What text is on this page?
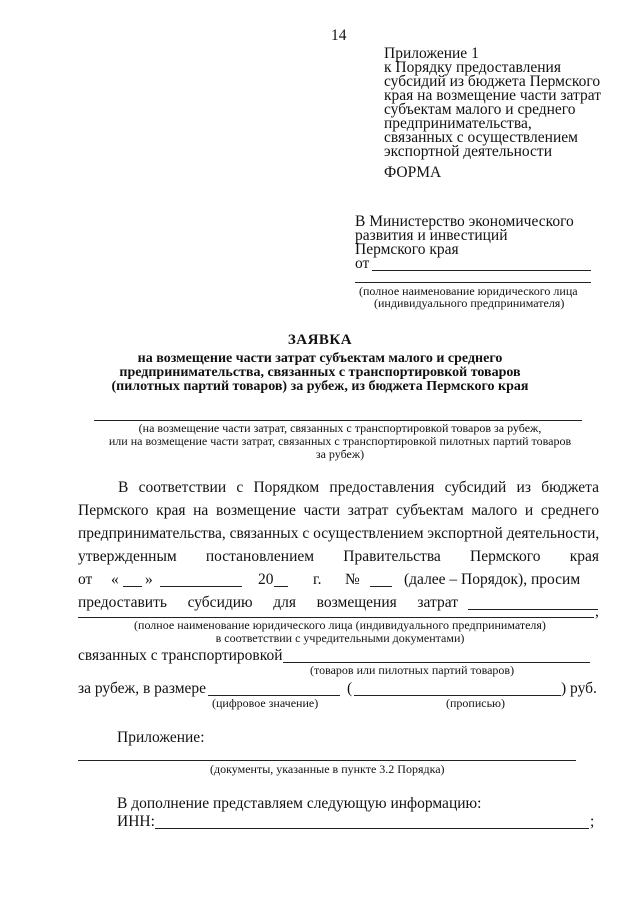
14
Приложение 1
к Порядку предоставления
субсидий из бюджета Пермского
края на возмещение части затрат
субъектам малого и среднего
предпринимательства,
связанных с осуществлением
экспортной деятельности
ФОРМА
В Министерство экономического
развития и инвестиций
Пермского края
от
(полное наименование юридического лица
(индивидуального предпринимателя)
ЗАЯВКА
на возмещение части затрат субъектам малого и среднего
предпринимательства, связанных с транспортировкой товаров
(пилотных партий товаров) за рубеж, из бюджета Пермского края
(на возмещение части затрат, связанных с транспортировкой товаров за рубеж,
или на возмещение части затрат, связанных с транспортировкой пилотных партий товаров
за рубеж)
В соответствии с Порядком предоставления субсидий из бюджета
Пермского края на возмещение части затрат субъектам малого и среднего
предпринимательства, связанных с осуществлением экспортной деятельности,
утвержденным постановлением Правительства Пермского края
от « »	20	г. №	(далее – Порядок), просим
предоставить субсидию для возмещения затрат
,
(полное наименование юридического лица (индивидуального предпринимателя)
в соответствии с учредительными документами)
связанных с транспортировкой
(товаров или пилотных партий товаров)
за рубеж, в размере	(	) руб.
(цифровое значение)	(прописью)
Приложение:
(документы, указанные в пункте 3.2 Порядка)
В дополнение представляем следующую информацию:
ИНН:	;
